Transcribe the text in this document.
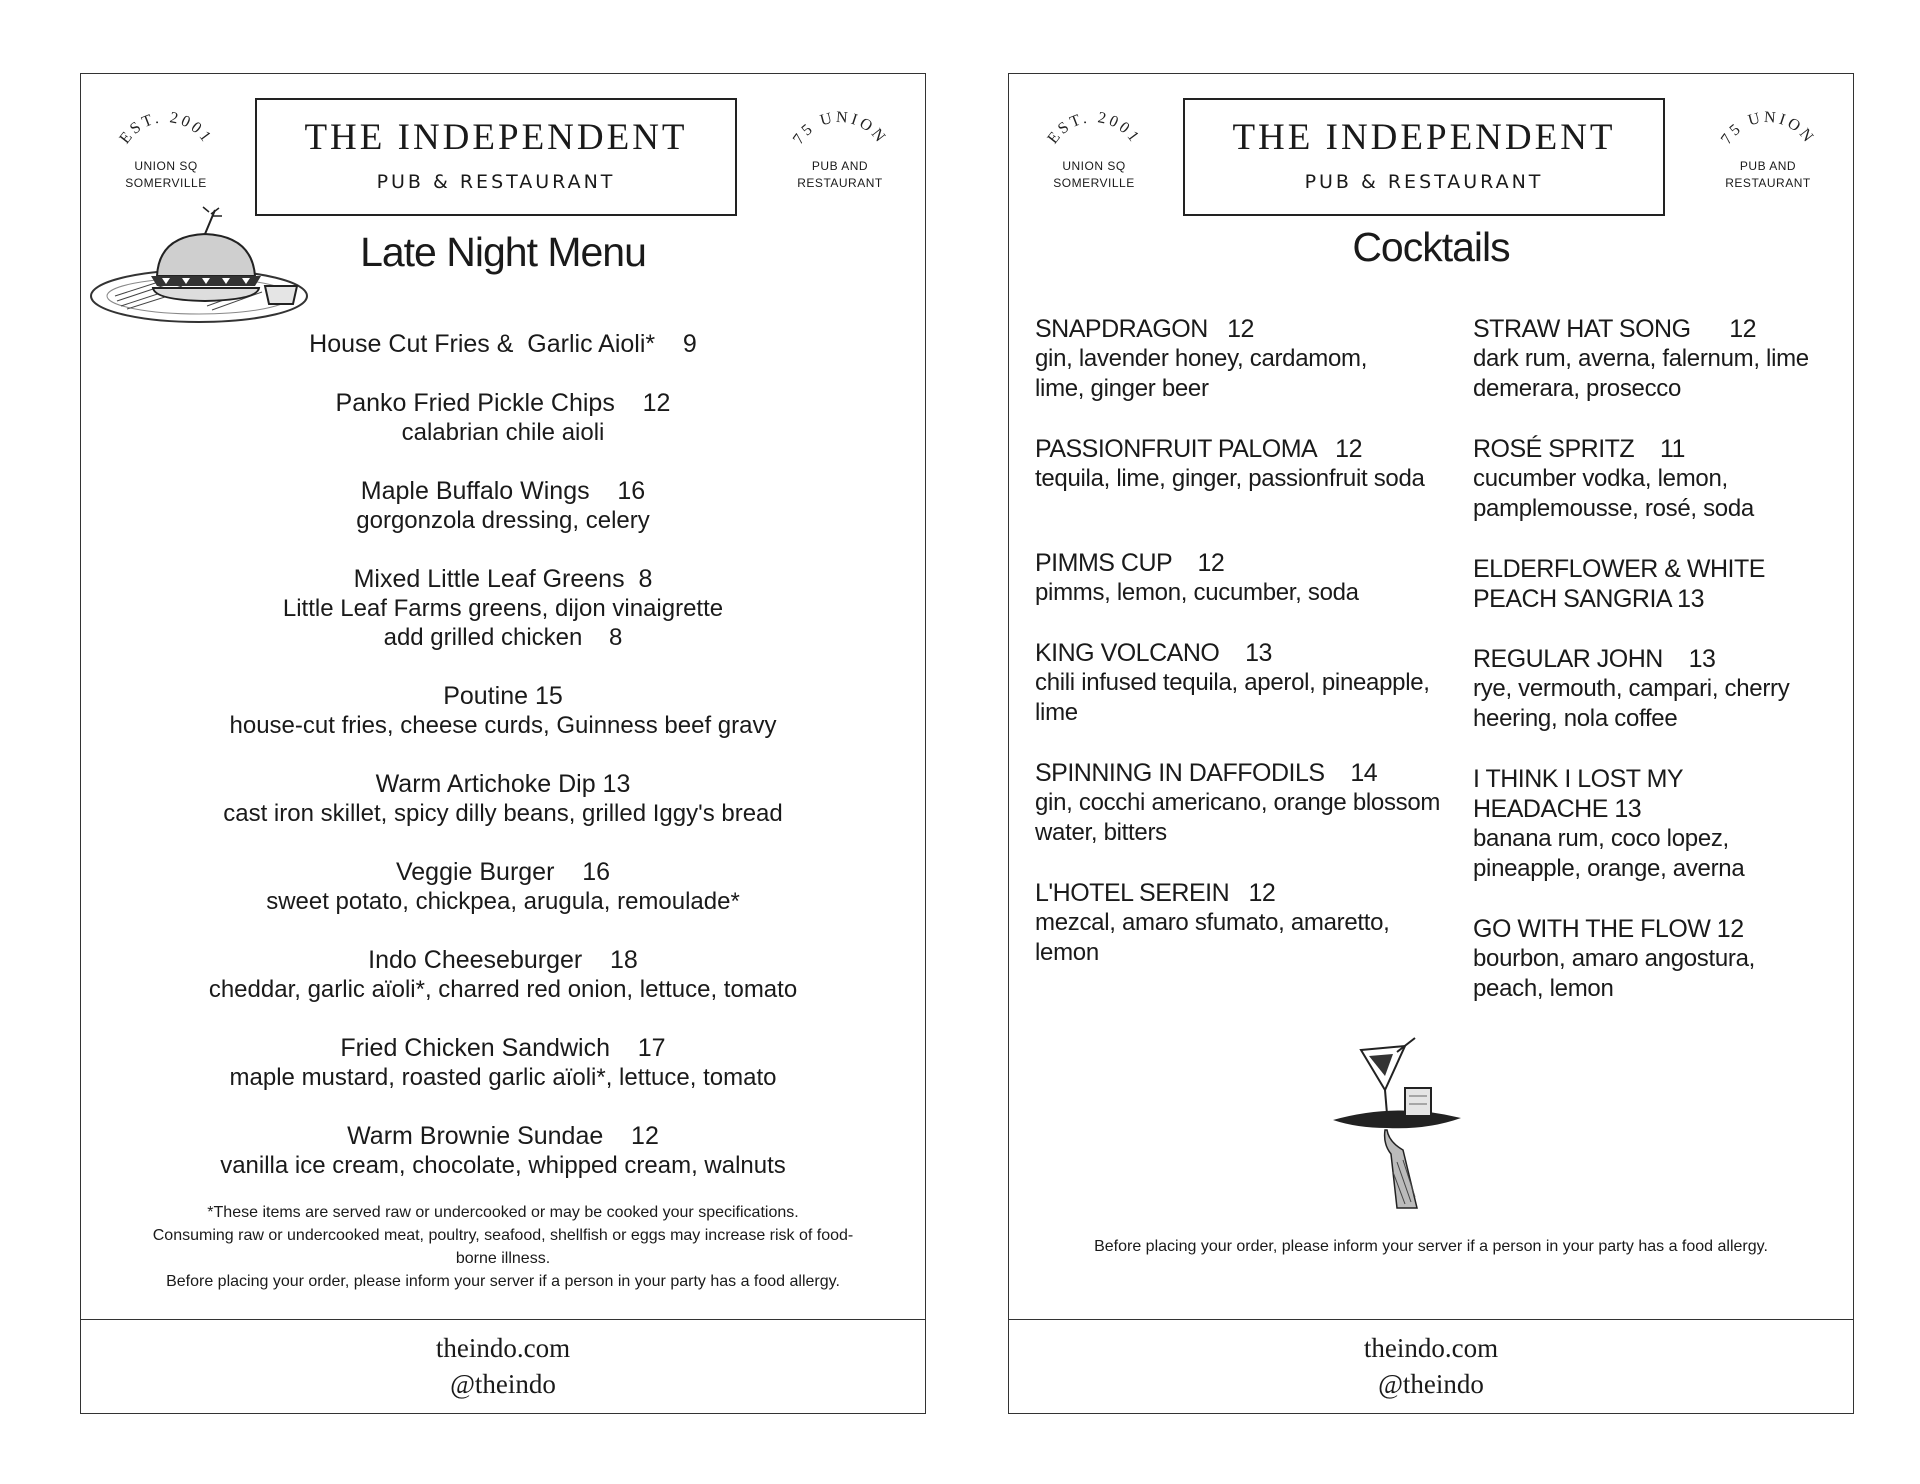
EST. 2001
UNION SQ
SOMERVILLE
THE INDEPENDENT
PUB & RESTAURANT
75 UNION
PUB AND
RESTAURANT
Late Night Menu
House Cut Fries &  Garlic Aioli*    9
Panko Fried Pickle Chips    12
calabrian chile aioli
Maple Buffalo Wings    16
gorgonzola dressing, celery
Mixed Little Leaf Greens  8
Little Leaf Farms greens, dijon vinaigrette
add grilled chicken    8
Poutine 15
house-cut fries, cheese curds, Guinness beef gravy
Warm Artichoke Dip 13
cast iron skillet, spicy dilly beans, grilled Iggy's bread
Veggie Burger    16
sweet potato, chickpea, arugula, remoulade*
Indo Cheeseburger    18
cheddar, garlic aïoli*, charred red onion, lettuce, tomato
Fried Chicken Sandwich    17
maple mustard, roasted garlic aïoli*, lettuce, tomato
Warm Brownie Sundae    12
vanilla ice cream, chocolate, whipped cream, walnuts
*These items are served raw or undercooked or may be cooked your specifications.
Consuming raw or undercooked meat, poultry, seafood, shellfish or eggs may increase risk of food-
borne illness.
Before placing your order, please inform your server if a person in your party has a food allergy.
theindo.com
@theindo
EST. 2001
UNION SQ
SOMERVILLE
THE INDEPENDENT
PUB & RESTAURANT
75 UNION
PUB AND
RESTAURANT
Cocktails
SNAPDRAGON   12
gin, lavender honey, cardamom, lime, ginger beer
PASSIONFRUIT PALOMA   12
tequila, lime, ginger, passionfruit soda
PIMMS CUP    12
pimms, lemon, cucumber, soda
KING VOLCANO    13
chili infused tequila, aperol, pineapple, lime
SPINNING IN DAFFODILS    14
gin, cocchi americano, orange blossom water, bitters
L'HOTEL SEREIN   12
mezcal, amaro sfumato, amaretto, lemon
STRAW HAT SONG      12
dark rum, averna, falernum, lime demerara, prosecco
ROSÉ SPRITZ    11
cucumber vodka, lemon, pamplemousse, rosé, soda
ELDERFLOWER & WHITE PEACH SANGRIA 13
REGULAR JOHN    13
rye, vermouth, campari, cherry heering, nola coffee
I THINK I LOST MY HEADACHE 13
banana rum, coco lopez, pineapple, orange, averna
GO WITH THE FLOW 12
bourbon, amaro angostura, peach, lemon
Before placing your order, please inform your server if a person in your party has a food allergy.
theindo.com
@theindo
